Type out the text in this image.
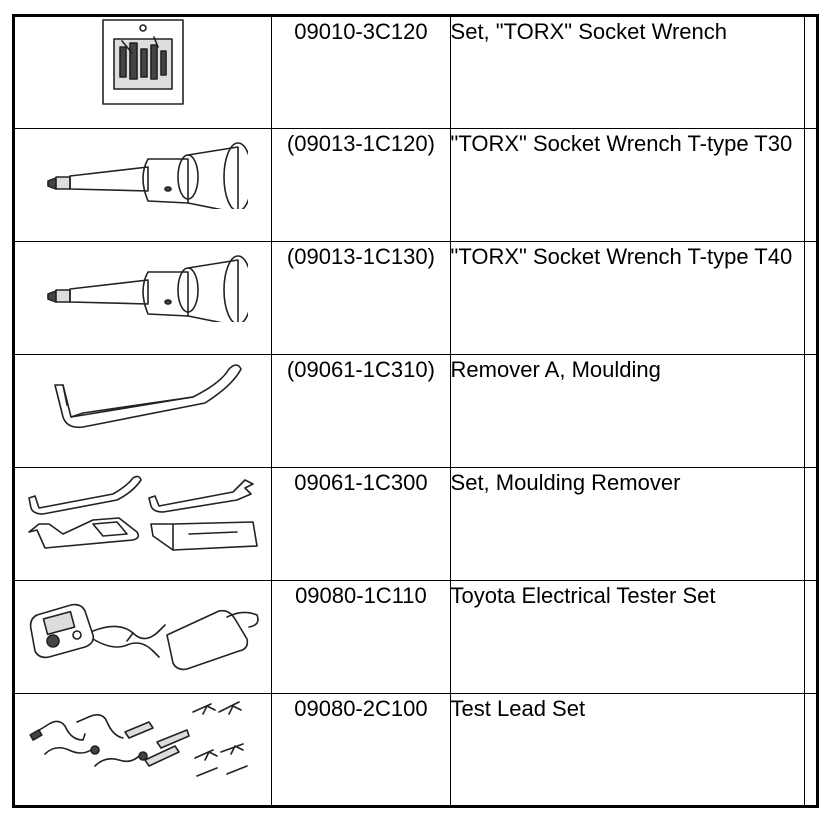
	09010-3C120	Set, "TORX" Socket Wrench	

	(09013-1C120)	"TORX" Socket Wrench T-type T30	

	(09013-1C130)	"TORX" Socket Wrench T-type T40	

	(09061-1C310)	Remover A, Moulding	

	09061-1C300	Set, Moulding Remover	

	09080-1C110	Toyota Electrical Tester Set	

	09080-2C100	Test Lead Set	
